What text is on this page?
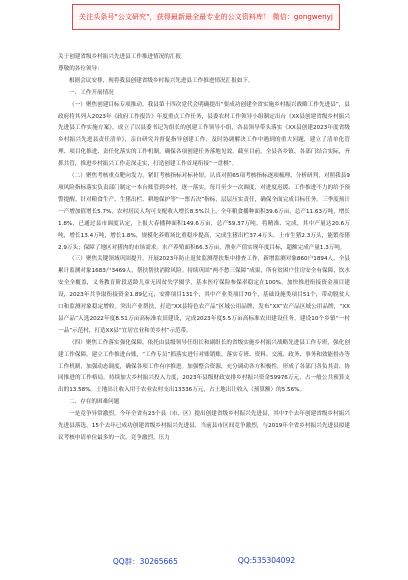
关注头条号"公文研究"，获得最新最全最专业的公文资料库！ 微信：gongwenyj

关于创建省级乡村振兴先进县工作推进情况的汇报

尊敬的各位领导：

根据会议安排，现将我县创建省级乡村振兴先进县工作推进情况汇报如下。

一、工作开展情况

（一）聚焦创建目标专项推动。我县第十四次党代会明确提出“要成功创建全省实施乡村振兴战略工作先进县”，县政府将其列入2023年《政府工作报告》年度重点工作任务，县委农村工作领导小组制定出台《XX县创建省级乡村振兴先进县工作实施方案》，成立了以县委书记为组长的创建工作领导小组，各县领导带头落实《XX县创建2023年度省级乡村振兴先进县责任清单》，亲自研究并督促指导创建工作，及时协调解决工作中遇到的重大问题，建立了清单化管理、项目化推进、责任化落实的工作机制，确保各项创建任务落地见效。截至目前，全县各乡镇、各部门结合实际，齐抓共管，推进乡村振兴工作走深走实，打造创建工作首尾衔接“一盘棋”。

（二）聚焦考核重点靶向发力。紧盯考核指标对标补短，认真对照65项考核指标逐项梳理、分析研判，对照我县9项风险指标落实负责部门制定一本台账管到乡村，逐一落实，每月至少一次调度、对进度迟缓、工作推进不力的给予预警提醒。针对粮食生产、生猪出栏、耕地保护等“一票否决”指标，层层压实责任，确保全面完成目标任务。三季度预计一产增加值增长5.7%，农村居民人均可支配收入增长8.5%以上，全年粮食播种面积39.6万亩，总产11.63万吨，增长1.8%，已通过县市调度认定，上报大春播种面积149.6万亩，总产59.37万吨，将精准、完成，其中产量达20.6万吨，增长13.4万吨，增长1.8%，规模化养殖场比重稳步提高，完成生猪出栏37.4万头、上市生猪2.3万头，能繁母猪2.9万头；保障了地区对猪肉的市场需求。水产养殖面积66.3万亩，渔业产值实现年度目标，超额完成产量1.3万吨。

（三）聚焦关键领域巩固提升。开展2023年防止返贫监测帮扶集中排查工作，新增监测对象860户1894人，全县累计监测对象1683户3469人，帮扶帮扶消除风险。持续巩固“两不愁三保障”成果，所有贫困户住房安全有保障，饮水安全全覆盖，义务教育阶段适龄儿童无因贫失学辍学，基本医疗保险参保率稳定在100%。加快推进衔接资金项目建设，2023年共争取衔接资金1.89亿元，安排项目131个，其中产业类项目70个，基础设施类项目51个，带动脱贫人口和监测对象稳定增收。突出产业帮扶，打造“XX县特色农产品”区域公用品牌，发布“XX”农产品区域公用品牌，“XX县产品”入选2022年度8.51万亩高标准农田建设，完成2023年度5.5万亩高标准农田建设任务，建设10个乡镇“一村一品”示范村，打造XX县“宜居宜业和美乡村”示范带。

（四）聚焦工作落实强化保障。依托由县级领导任组长和副组长的省级实施乡村振兴战略先进县工作专班，强化创建工作保障。建立工作推进台账，“工作专员”抓落实进行对账销账，落实专班、资料、交流、政务、事务和效能督办等工作机制，加强动态调度，确保各项工作有序推进。加强整合资源，充分调动各方积极性，形成了各部门各负其责、协同推进的工作格局。持续加大乡村振兴投入力度，2023年县级财政安排乡村振兴资金59976万元，占一般公共预算支出的13.58%。土地出让收入用于农业农村支出13336万元，占土地出让收入（预算额）的5.56%。

二、存在的困难问题

一是竞争异常激烈。今年全省有23个县（市、区）提出创建省级乡村振兴先进县，其中7个去年创建省级乡村振兴先进县落选，15个去年已成功创建省级乡村振兴先进县，当前县市区间竞争激烈，与2019年全省乡村振兴先进县拟建议考核申请单位最多的一次，竞争激烈，压力

QQ群：30265665	QQ:535304092
